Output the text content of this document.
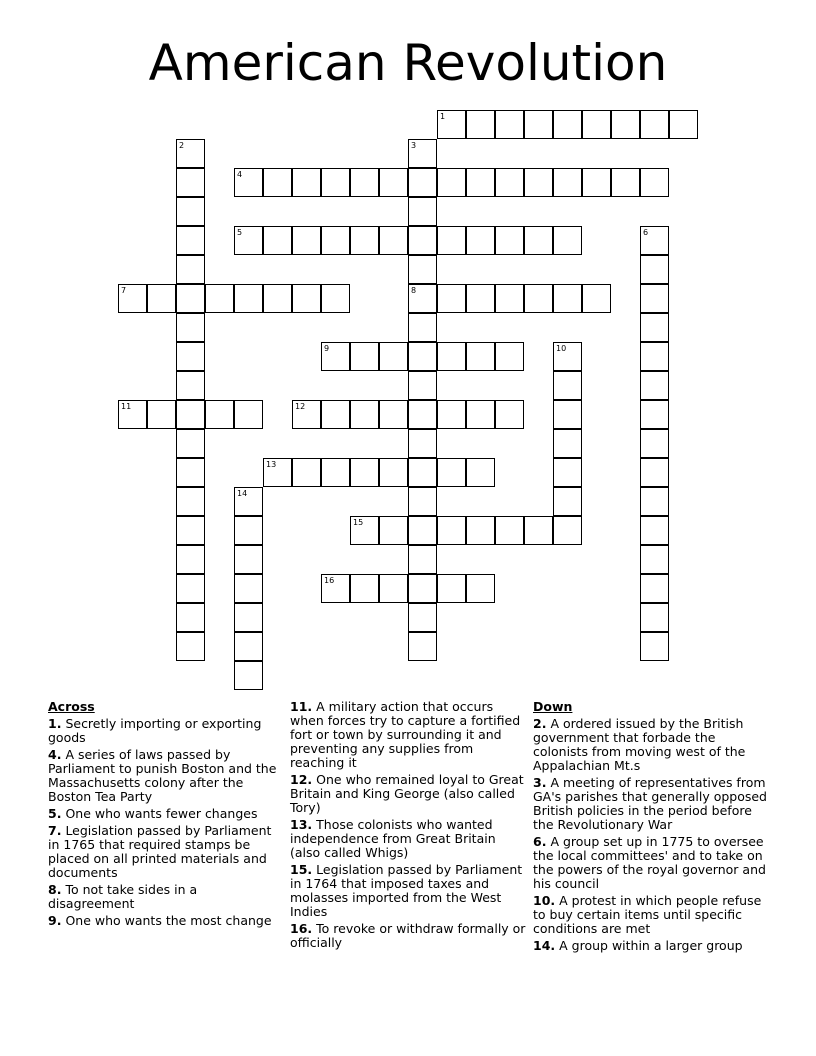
American Revolution
1
2	3
8
4
5	6
7
9	10
11	12
13
14
15
16
Across
1. Secretly importing or exporting goods
4. A series of laws passed by Parliament to punish Boston and the Massachusetts colony after the Boston Tea Party
5. One who wants fewer changes
7. Legislation passed by Parliament in 1765 that required stamps be placed on all printed materials and documents
8. To not take sides in a disagreement
9. One who wants the most change
11. A military action that occurs when forces try to capture a fortified fort or town by surrounding it and preventing any supplies from reaching it
12. One who remained loyal to Great Britain and King George (also called Tory)
13. Those colonists who wanted independence from Great Britain (also called Whigs)
15. Legislation passed by Parliament in 1764 that imposed taxes and molasses imported from the West Indies
16. To revoke or withdraw formally or officially
Down
2. A ordered issued by the British government that forbade the colonists from moving west of the Appalachian Mt.s
3. A meeting of representatives from GA's parishes that generally opposed British policies in the period before the Revolutionary War
6. A group set up in 1775 to oversee the local committees' and to take on the powers of the royal governor and his council
10. A protest in which people refuse to buy certain items until specific conditions are met
14. A group within a larger group
